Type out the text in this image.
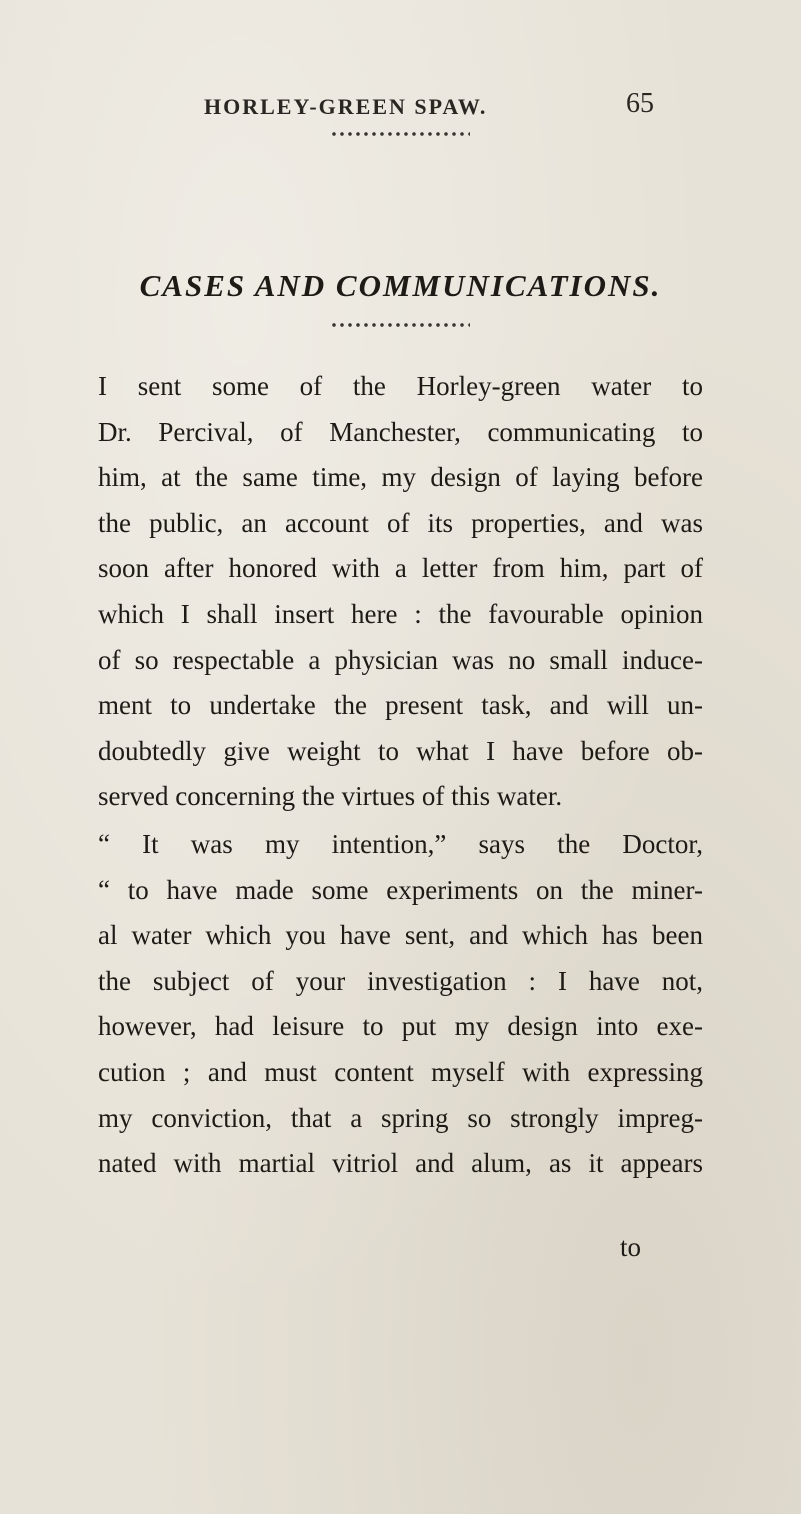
HORLEY-GREEN SPAW.	65
CASES AND COMMUNICATIONS.
I sent some of the Horley-green water to
Dr. Percival, of Manchester, communicating to
him, at the same time, my design of laying before
the public, an account of its properties, and was
soon after honored with a letter from him, part of
which I shall insert here : the favourable opinion
of so respectable a physician was no small induce-
ment to undertake the present task, and will un-
doubtedly give weight to what I have before ob-
served concerning the virtues of this water.
“ It was my intention,” says the Doctor,
“ to have made some experiments on the miner-
al water which you have sent, and which has been
the subject of your investigation : I have not,
however, had leisure to put my design into exe-
cution ; and must content myself with expressing
my conviction, that a spring so strongly impreg-
nated with martial vitriol and alum, as it appears
to
